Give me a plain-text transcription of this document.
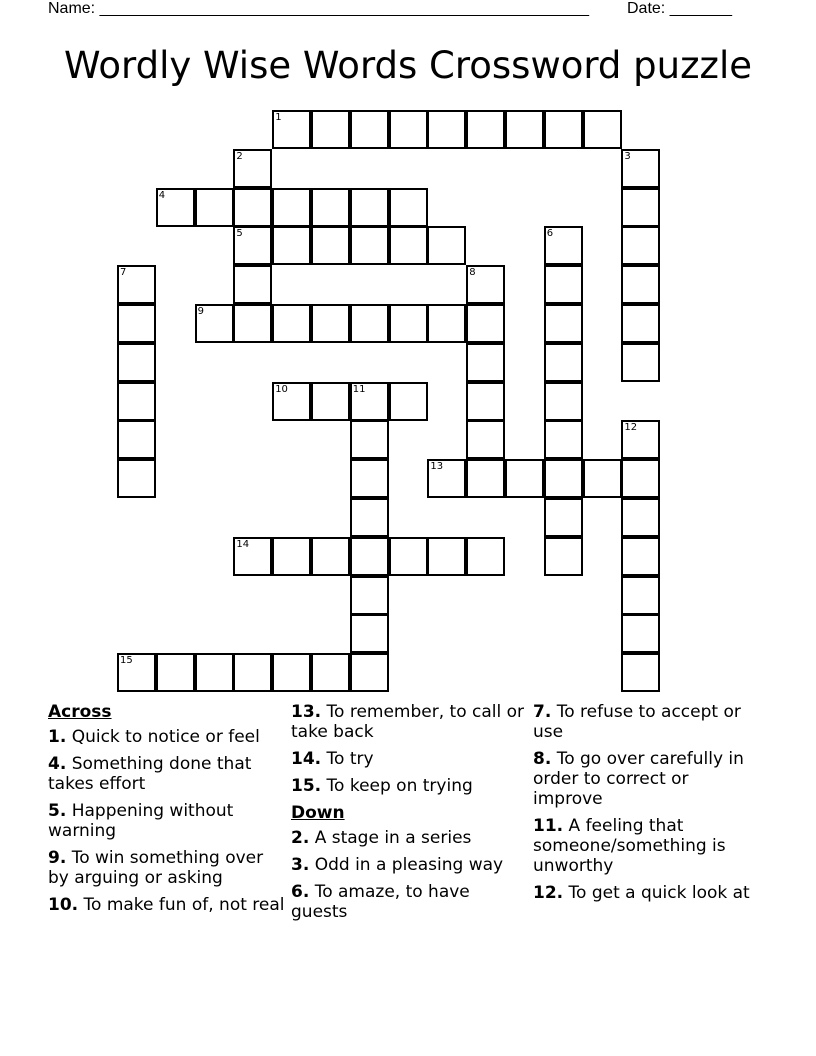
Name: _______________________________________________________ Date: _______
Wordly Wise Words Crossword puzzle
1
2	3
4
5	6
7	8
9
10	11
12
13
14
15
Across
1. Quick to notice or feel
4. Something done that takes effort
5. Happening without warning
9. To win something over by arguing or asking
10. To make fun of, not real
13. To remember, to call or take back
14. To try
15. To keep on trying
Down
2. A stage in a series
3. Odd in a pleasing way
6. To amaze, to have guests
7. To refuse to accept or use
8. To go over carefully in order to correct or improve
11. A feeling that someone/something is unworthy
12. To get a quick look at
